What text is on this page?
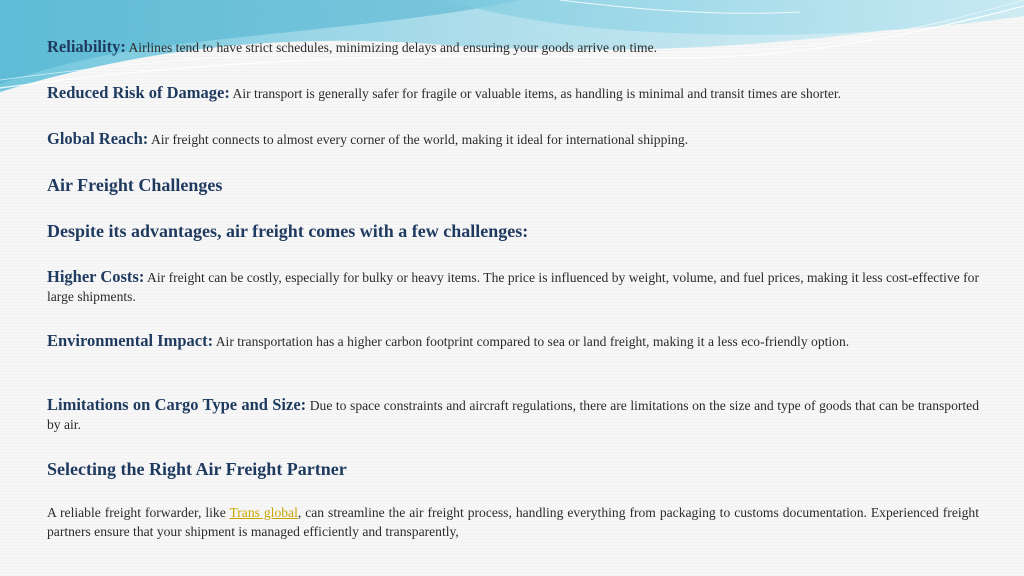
Reliability: Airlines tend to have strict schedules, minimizing delays and ensuring your goods arrive on time.

Reduced Risk of Damage: Air transport is generally safer for fragile or valuable items, as handling is minimal and transit times are shorter.

Global Reach: Air freight connects to almost every corner of the world, making it ideal for international shipping.

Air Freight Challenges
Despite its advantages, air freight comes with a few challenges:

Higher Costs: Air freight can be costly, especially for bulky or heavy items. The price is influenced by weight, volume, and fuel prices, making it less cost-effective for large shipments.

Environmental Impact: Air transportation has a higher carbon footprint compared to sea or land freight, making it a less eco-friendly option.

Limitations on Cargo Type and Size: Due to space constraints and aircraft regulations, there are limitations on the size and type of goods that can be transported by air.

Selecting the Right Air Freight Partner

A reliable freight forwarder, like Trans global, can streamline the air freight process, handling everything from packaging to customs documentation. Experienced freight partners ensure that your shipment is managed efficiently and transparently,
